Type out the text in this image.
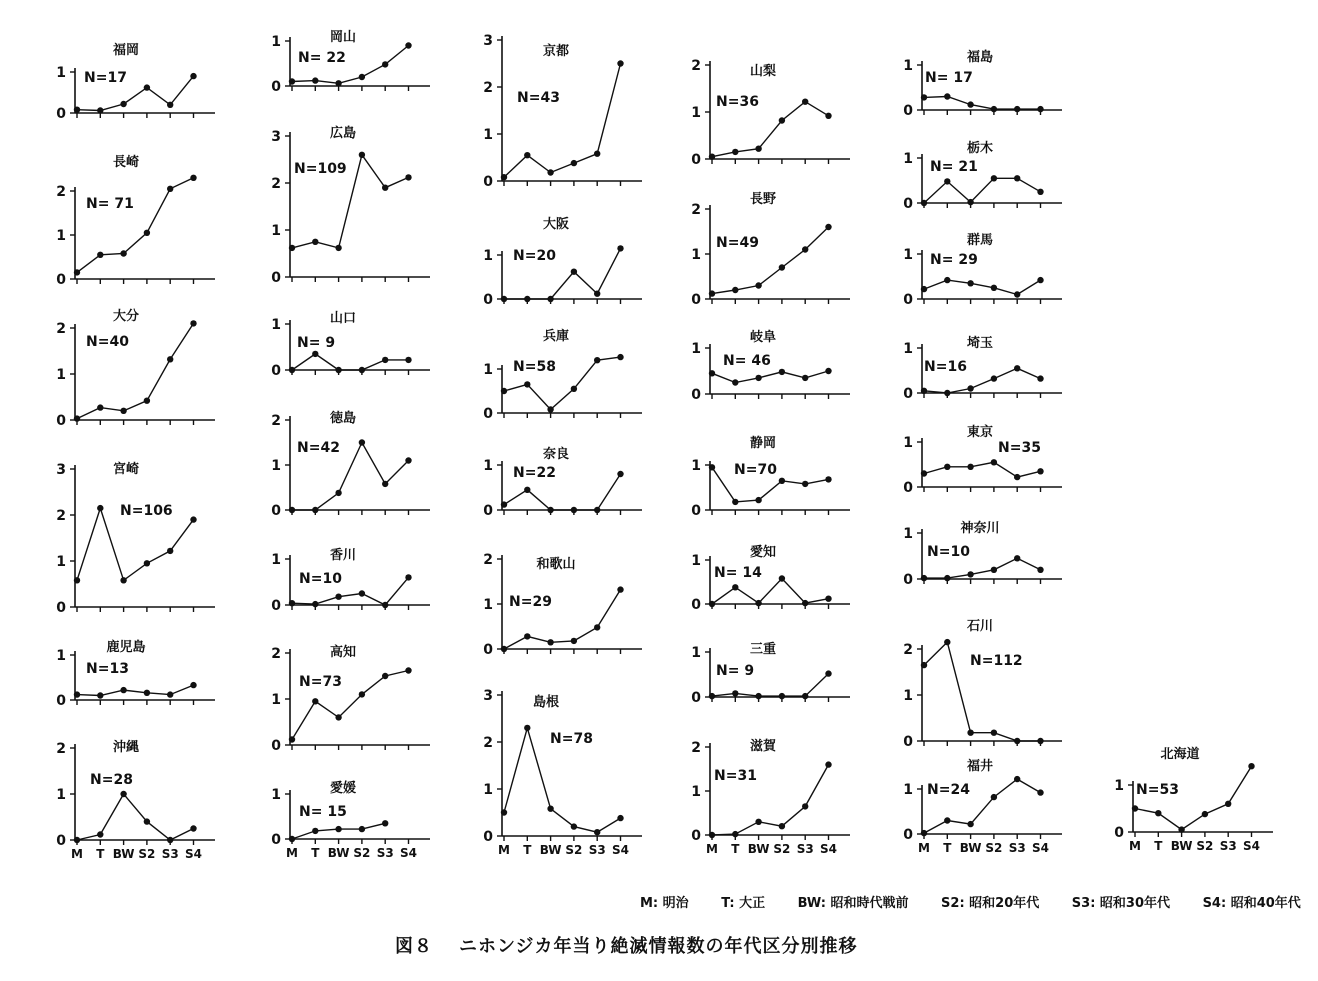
0
1
福岡
N=17
0
1
2
長崎
N= 71
0
1
2
大分
N=40
0
1
2
3	宮崎
N=106
0
1
鹿児島
N=13
0
1
2
M T BW S2 S3 S4
沖縄
N=28
0
1	岡山
N= 22
0
1
2
3	広島
N=109
0
1	山口
N= 9
0
1
2	徳島
N=42
0
1	香川
N=10
0
1
2	高知
N=73
0
1
M T BW S2 S3 S4
愛媛
N= 15
0
1
2
3
京都
N=43
0
1
大阪
N=20
0
1
兵庫
N=58
0
1
奈良
N=22
0
1
2	和歌山
N=29
0
1
2
3
M T BW S2 S3 S4
島根
N=78
0
1
2	山梨
N=36
0
1
2
長野
N=49
0
1
岐阜
N= 46
0
1
静岡
N=70
0
1
愛知
N= 14
0
1	三重
N= 9
0
1
2
M T BW S2 S3 S4
滋賀
N=31
0
1
福島
N= 17
0
1
栃木
N= 21
0
1
群馬
N= 29
0
1	埼玉
N=16
0
1
東京
N=35
0
1	神奈川
N=10
0
1
2
石川
N=112
0
1
M T BW S2 S3 S4
福井
N=24
0
1
M T BW S2 S3 S4
北海道
N=53
M: 明治	T: 大正	BW: 昭和時代戦前	S2: 昭和20年代	S3: 昭和30年代	S4: 昭和40年代
図８ ニホンジカ年当り絶滅情報数の年代区分別推移
